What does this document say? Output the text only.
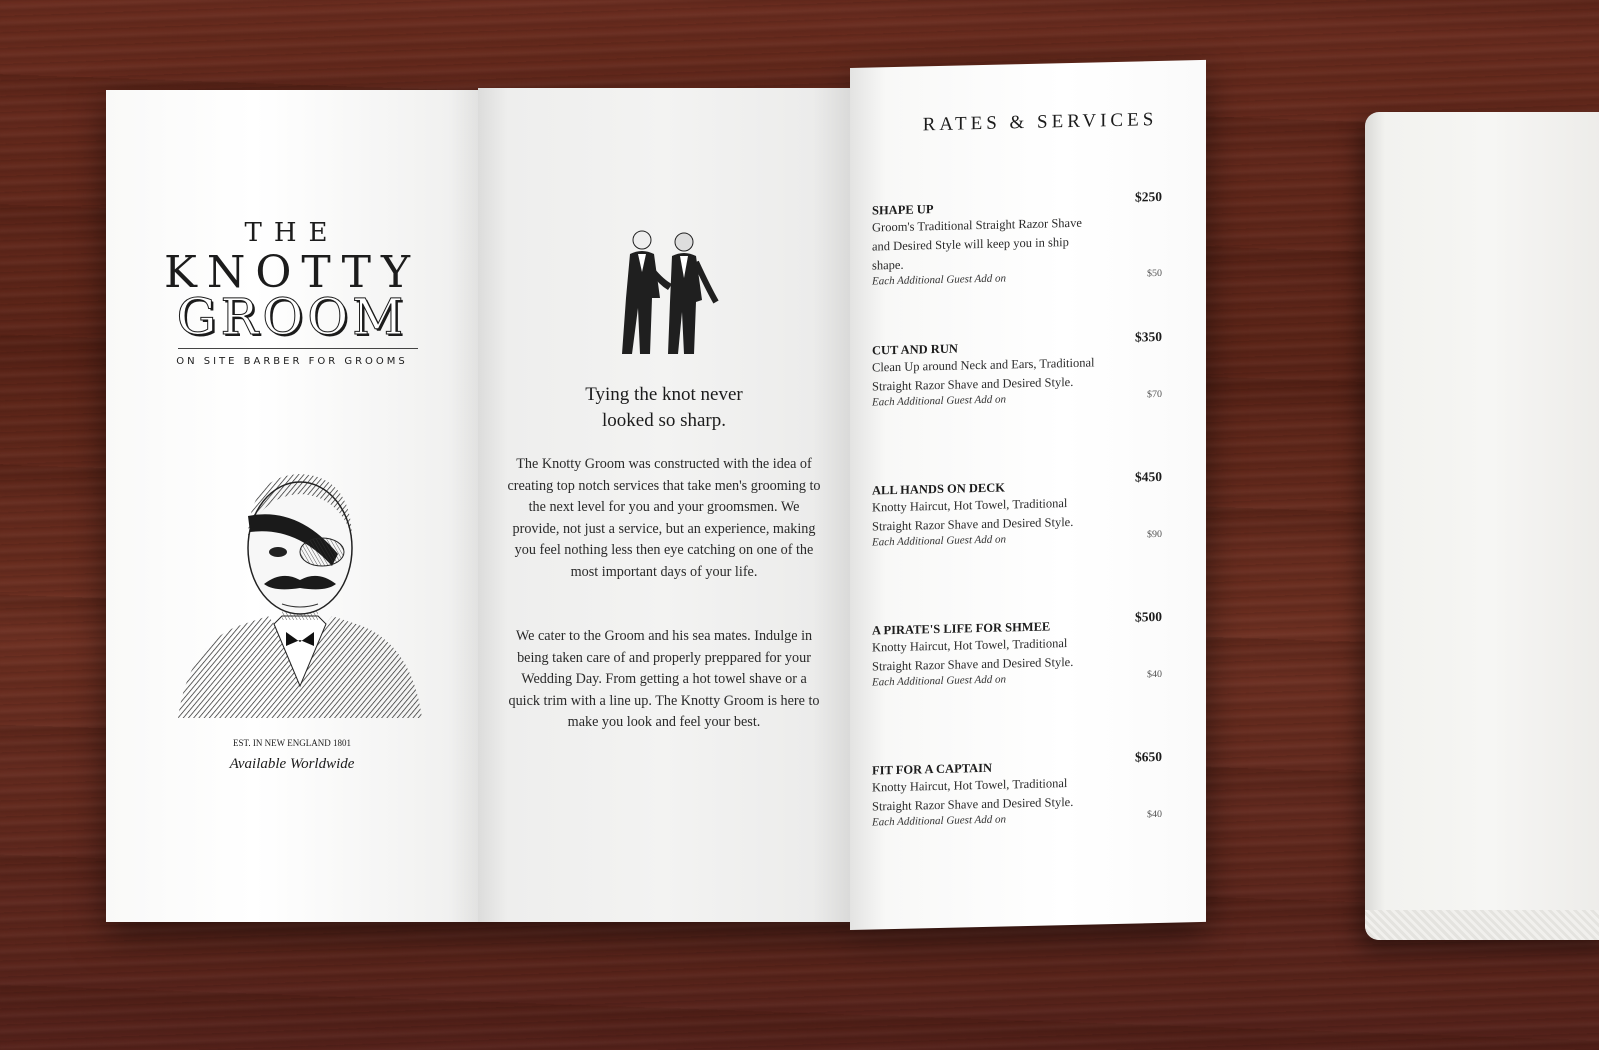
THE
KNOTTY
GROOM
ON SITE BARBER FOR GROOMS
EST. IN NEW ENGLAND 1801
Available Worldwide
Tying the knot never
looked so sharp.
The Knotty Groom was constructed with the idea of creating top notch services that take men's grooming to the next level for you and your groomsmen. We provide, not just a service, but an experience, making you feel nothing less then eye catching on one of the most important days of your life.
We cater to the Groom and his sea mates. Indulge in being taken care of and properly preppared for your Wedding Day. From getting a hot towel shave or a quick trim with a line up. The Knotty Groom is here to make you look and feel your best.
RATES & SERVICES
SHAPE UP
$250
Groom's Traditional Straight Razor Shave and Desired Style will keep you in ship shape.
Each Additional Guest Add on	$50
CUT AND RUN
$350
Clean Up around Neck and Ears, Traditional Straight Razor Shave and Desired Style.
Each Additional Guest Add on	$70
ALL HANDS ON DECK
$450
Knotty Haircut, Hot Towel, Traditional Straight Razor Shave and Desired Style.
Each Additional Guest Add on	$90
A PIRATE'S LIFE FOR SHMEE
$500
Knotty Haircut, Hot Towel, Traditional Straight Razor Shave and Desired Style.
Each Additional Guest Add on	$40
FIT FOR A CAPTAIN
$650
Knotty Haircut, Hot Towel, Traditional Straight Razor Shave and Desired Style.
Each Additional Guest Add on	$40
